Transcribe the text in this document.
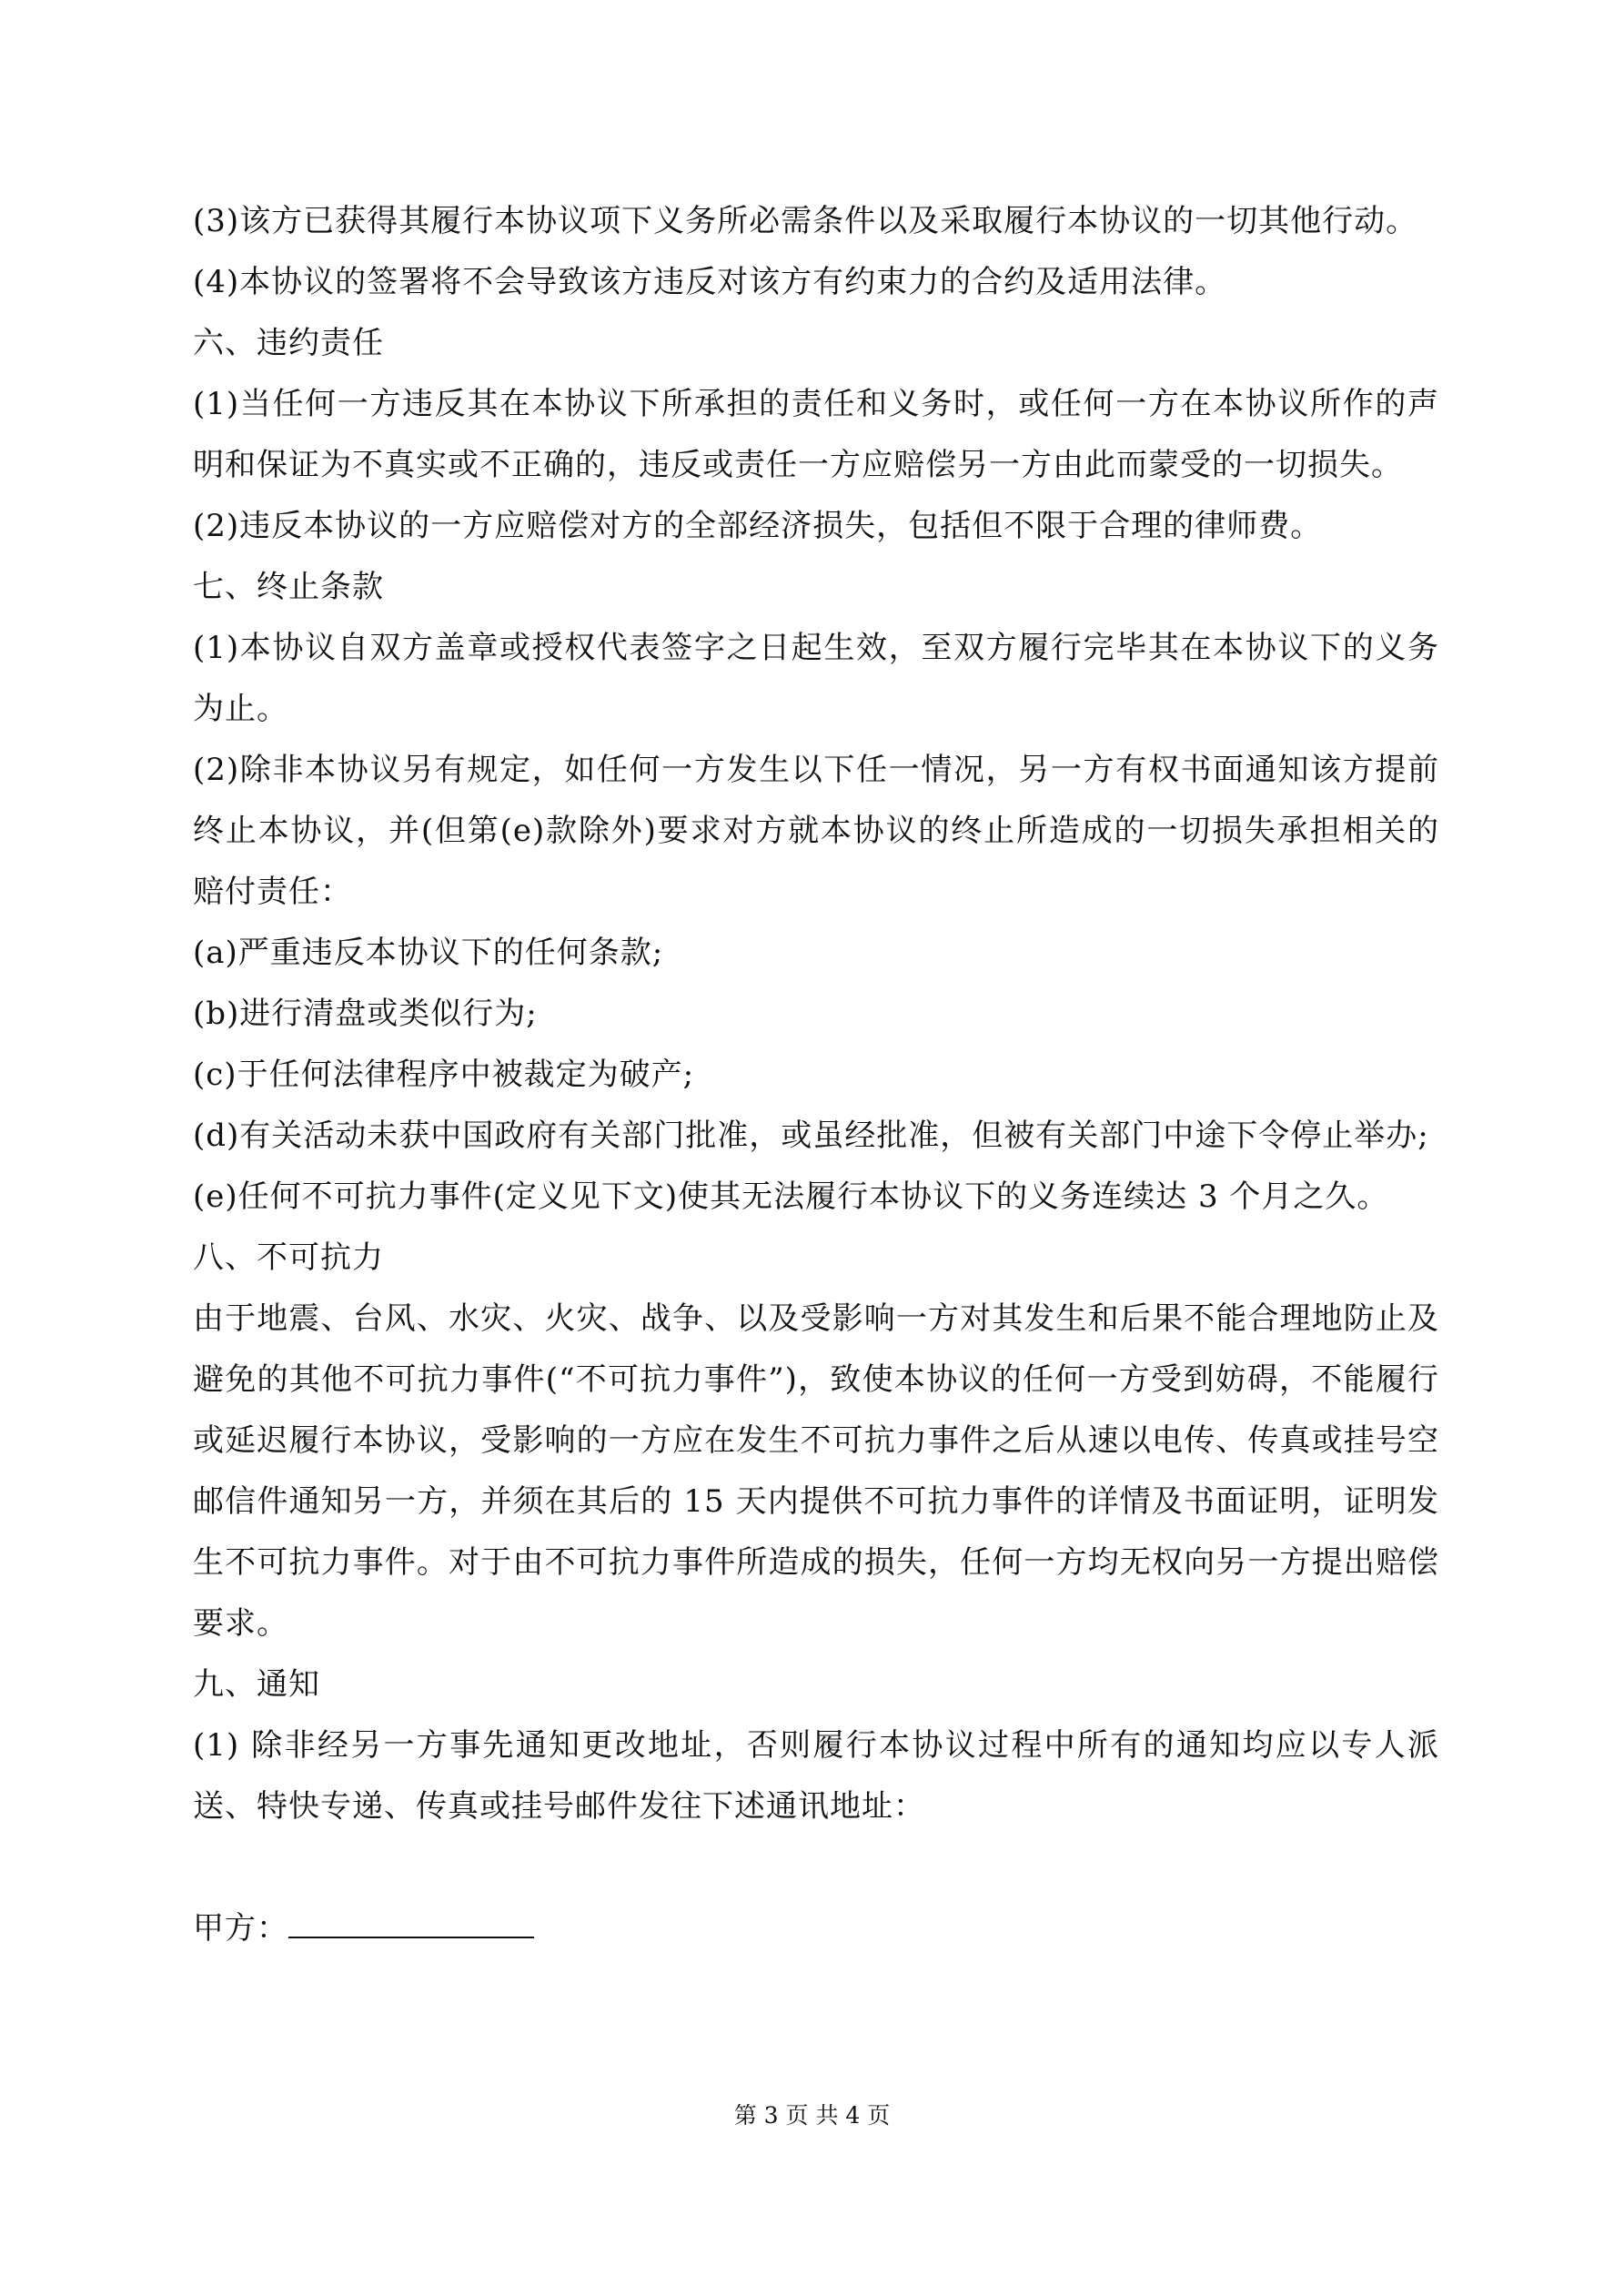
(3)该方已获得其履行本协议项下义务所必需条件以及采取履行本协议的一切其他行动。

(4)本协议的签署将不会导致该方违反对该方有约束力的合约及适用法律。

六、违约责任

(1)当任何一方违反其在本协议下所承担的责任和义务时，或任何一方在本协议所作的声明和保证为不真实或不正确的，违反或责任一方应赔偿另一方由此而蒙受的一切损失。

(2)违反本协议的一方应赔偿对方的全部经济损失，包括但不限于合理的律师费。

七、终止条款

(1)本协议自双方盖章或授权代表签字之日起生效，至双方履行完毕其在本协议下的义务为止。

(2)除非本协议另有规定，如任何一方发生以下任一情况，另一方有权书面通知该方提前终止本协议，并(但第(e)款除外)要求对方就本协议的终止所造成的一切损失承担相关的赔付责任：

(a)严重违反本协议下的任何条款;

(b)进行清盘或类似行为;

(c)于任何法律程序中被裁定为破产;

(d)有关活动未获中国政府有关部门批准，或虽经批准，但被有关部门中途下令停止举办;

(e)任何不可抗力事件(定义见下文)使其无法履行本协议下的义务连续达 3 个月之久。

八、不可抗力

由于地震、台风、水灾、火灾、战争、以及受影响一方对其发生和后果不能合理地防止及避免的其他不可抗力事件(“不可抗力事件”)，致使本协议的任何一方受到妨碍，不能履行或延迟履行本协议，受影响的一方应在发生不可抗力事件之后从速以电传、传真或挂号空邮信件通知另一方，并须在其后的 15 天内提供不可抗力事件的详情及书面证明，证明发生不可抗力事件。对于由不可抗力事件所造成的损失，任何一方均无权向另一方提出赔偿要求。

九、通知

(1) 除非经另一方事先通知更改地址，否则履行本协议过程中所有的通知均应以专人派送、特快专递、传真或挂号邮件发往下述通讯地址：

甲方：

第 3 页 共 4 页
